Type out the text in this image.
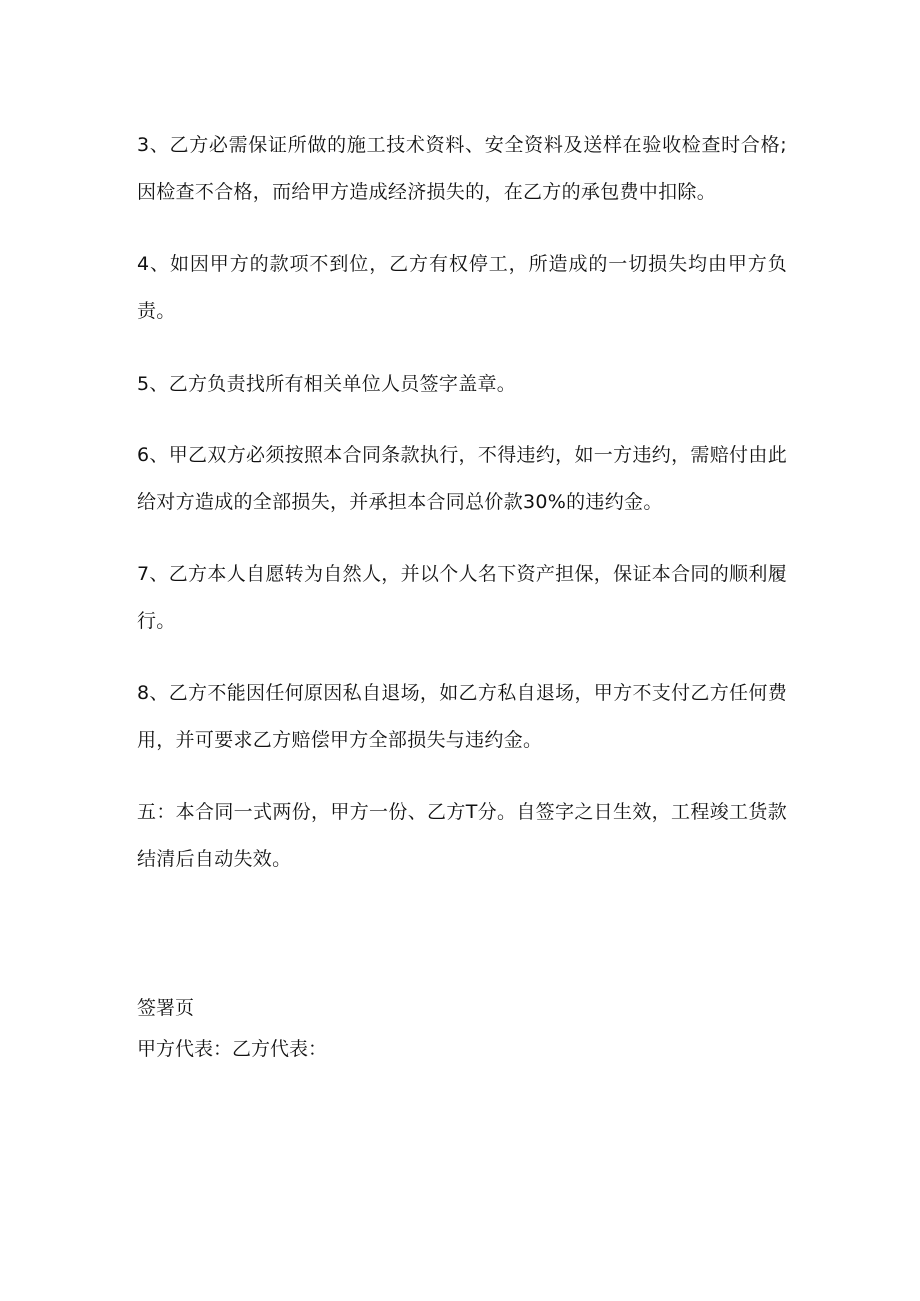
3、乙方必需保证所做的施工技术资料、安全资料及送样在验收检查时合格;因检查不合格，而给甲方造成经济损失的，在乙方的承包费中扣除。

4、如因甲方的款项不到位，乙方有权停工，所造成的一切损失均由甲方负责。

5、乙方负责找所有相关单位人员签字盖章。

6、甲乙双方必须按照本合同条款执行，不得违约，如一方违约，需赔付由此给对方造成的全部损失，并承担本合同总价款30%的违约金。

7、乙方本人自愿转为自然人，并以个人名下资产担保，保证本合同的顺利履行。

8、乙方不能因任何原因私自退场，如乙方私自退场，甲方不支付乙方任何费用，并可要求乙方赔偿甲方全部损失与违约金。

五：本合同一式两份，甲方一份、乙方T分。自签字之日生效，工程竣工货款结清后自动失效。

签署页

甲方代表：乙方代表：
